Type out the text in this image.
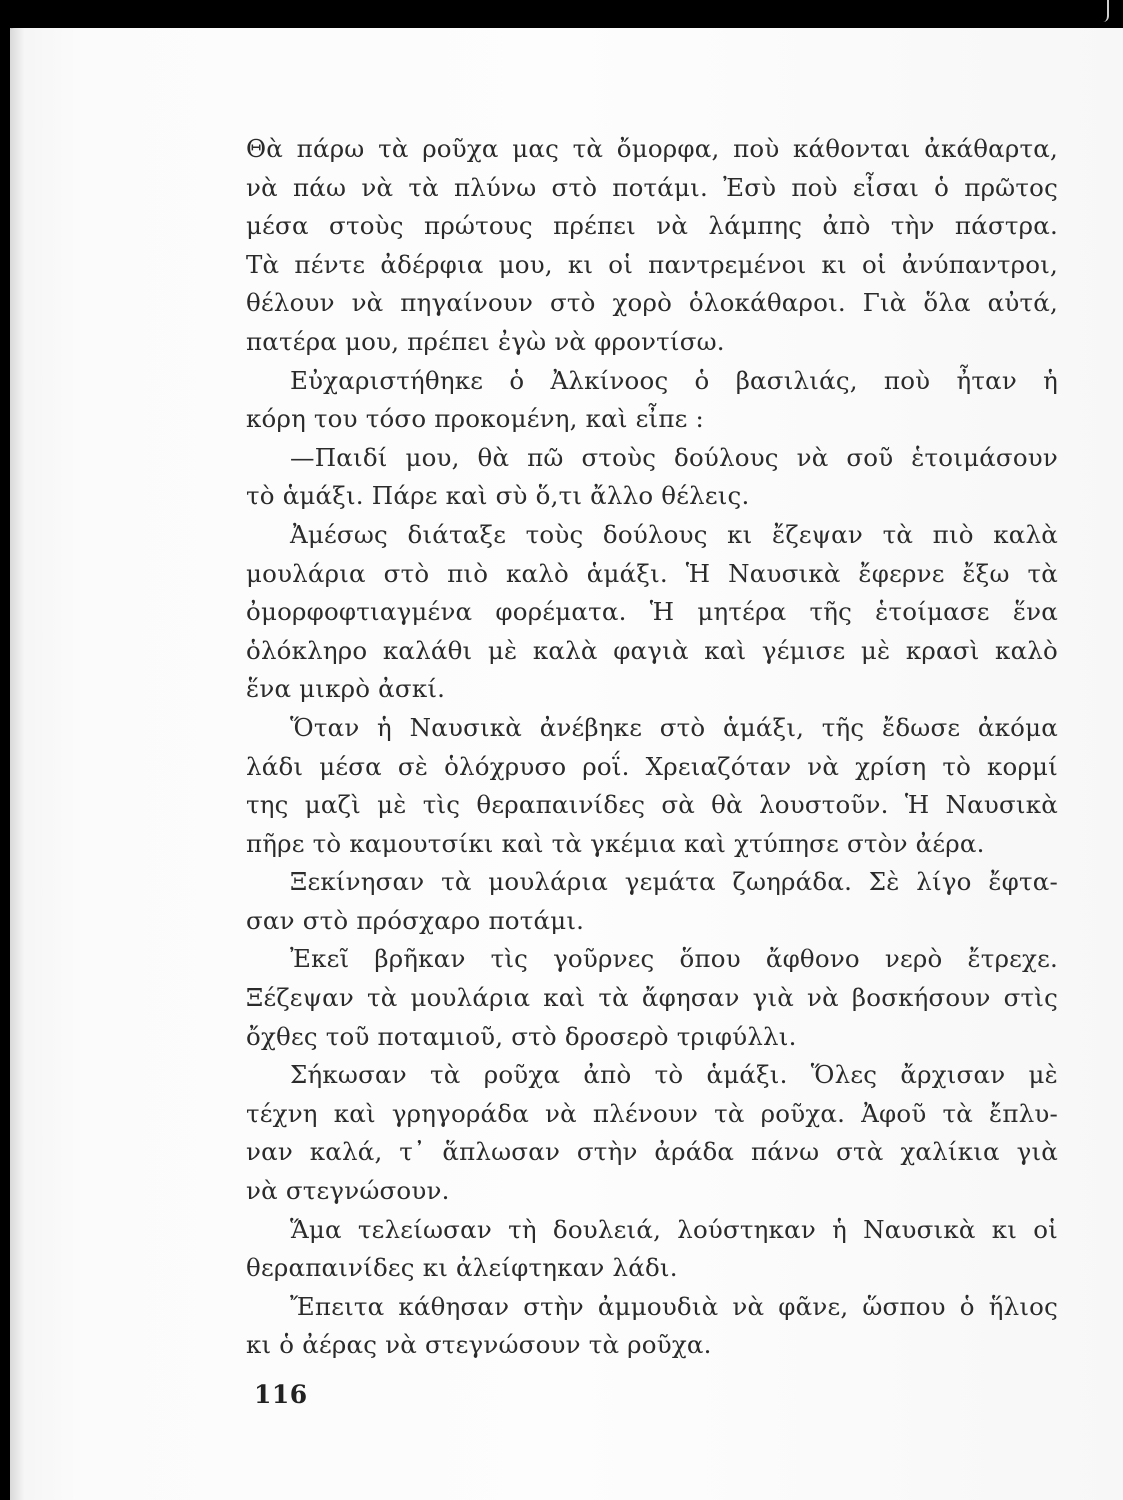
Θὰ πάρω τὰ ροῦχα μας τὰ ὄμορφα, ποὺ κάθονται ἀκάθαρτα,
νὰ πάω νὰ τὰ πλύνω στὸ ποτάμι. Ἐσὺ ποὺ εἶσαι ὁ πρῶτος
μέσα στοὺς πρώτους πρέπει νὰ λάμπης ἀπὸ τὴν πάστρα.
Τὰ πέντε ἀδέρφια μου, κι οἱ παντρεμένοι κι οἱ ἀνύπαντροι,
θέλουν νὰ πηγαίνουν στὸ χορὸ ὁλοκάθαροι. Γιὰ ὅλα αὐτά,
πατέρα μου, πρέπει ἐγὼ νὰ φροντίσω.
Εὐχαριστήθηκε ὁ Ἀλκίνοος ὁ βασιλιάς, ποὺ ἦταν ἡ
κόρη του τόσο προκομένη, καὶ εἶπε :
—Παιδί μου, θὰ πῶ στοὺς δούλους νὰ σοῦ ἑτοιμάσουν
τὸ ἁμάξι. Πάρε καὶ σὺ ὅ,τι ἄλλο θέλεις.
Ἀμέσως διάταξε τοὺς δούλους κι ἔζεψαν τὰ πιὸ καλὰ
μουλάρια στὸ πιὸ καλὸ ἁμάξι. Ἡ Ναυσικὰ ἔφερνε ἔξω τὰ
ὀμορφοφτιαγμένα φορέματα. Ἡ μητέρα τῆς ἑτοίμασε ἕνα
ὁλόκληρο καλάθι μὲ καλὰ φαγιὰ καὶ γέμισε μὲ κρασὶ καλὸ
ἕνα μικρὸ ἀσκί.
Ὅταν ἡ Ναυσικὰ ἀνέβηκε στὸ ἁμάξι, τῆς ἔδωσε ἀκόμα
λάδι μέσα σὲ ὁλόχρυσο ροΐ. Χρειαζόταν νὰ χρίση τὸ κορμί
της μαζὶ μὲ τὶς θεραπαινίδες σὰ θὰ λουστοῦν. Ἡ Ναυσικὰ
πῆρε τὸ καμουτσίκι καὶ τὰ γκέμια καὶ χτύπησε στὸν ἀέρα.
Ξεκίνησαν τὰ μουλάρια γεμάτα ζωηράδα. Σὲ λίγο ἔφτα-
σαν στὸ πρόσχαρο ποτάμι.
Ἐκεῖ βρῆκαν τὶς γοῦρνες ὅπου ἄφθονο νερὸ ἔτρεχε.
Ξέζεψαν τὰ μουλάρια καὶ τὰ ἄφησαν γιὰ νὰ βοσκήσουν στὶς
ὄχθες τοῦ ποταμιοῦ, στὸ δροσερὸ τριφύλλι.
Σήκωσαν τὰ ροῦχα ἀπὸ τὸ ἁμάξι. Ὅλες ἄρχισαν μὲ
τέχνη καὶ γρηγοράδα νὰ πλένουν τὰ ροῦχα. Ἀφοῦ τὰ ἔπλυ-
ναν καλά, τ᾽ ἅπλωσαν στὴν ἀράδα πάνω στὰ χαλίκια γιὰ
νὰ στεγνώσουν.
Ἅμα τελείωσαν τὴ δουλειά, λούστηκαν ἡ Ναυσικὰ κι οἱ
θεραπαινίδες κι ἀλείφτηκαν λάδι.
Ἔπειτα κάθησαν στὴν ἀμμουδιὰ νὰ φᾶνε, ὥσπου ὁ ἥλιος
κι ὁ ἀέρας νὰ στεγνώσουν τὰ ροῦχα.
116
